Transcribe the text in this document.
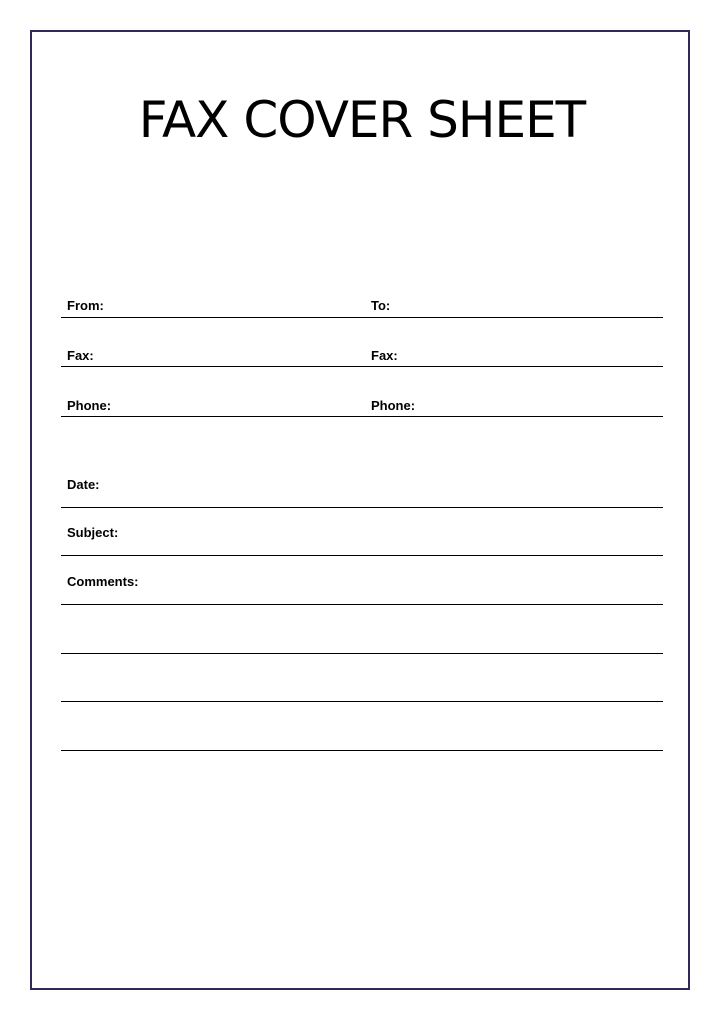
FAX COVER SHEET
From:	To:
Fax:	Fax:
Phone:	Phone:
Date:
Subject:
Comments:
